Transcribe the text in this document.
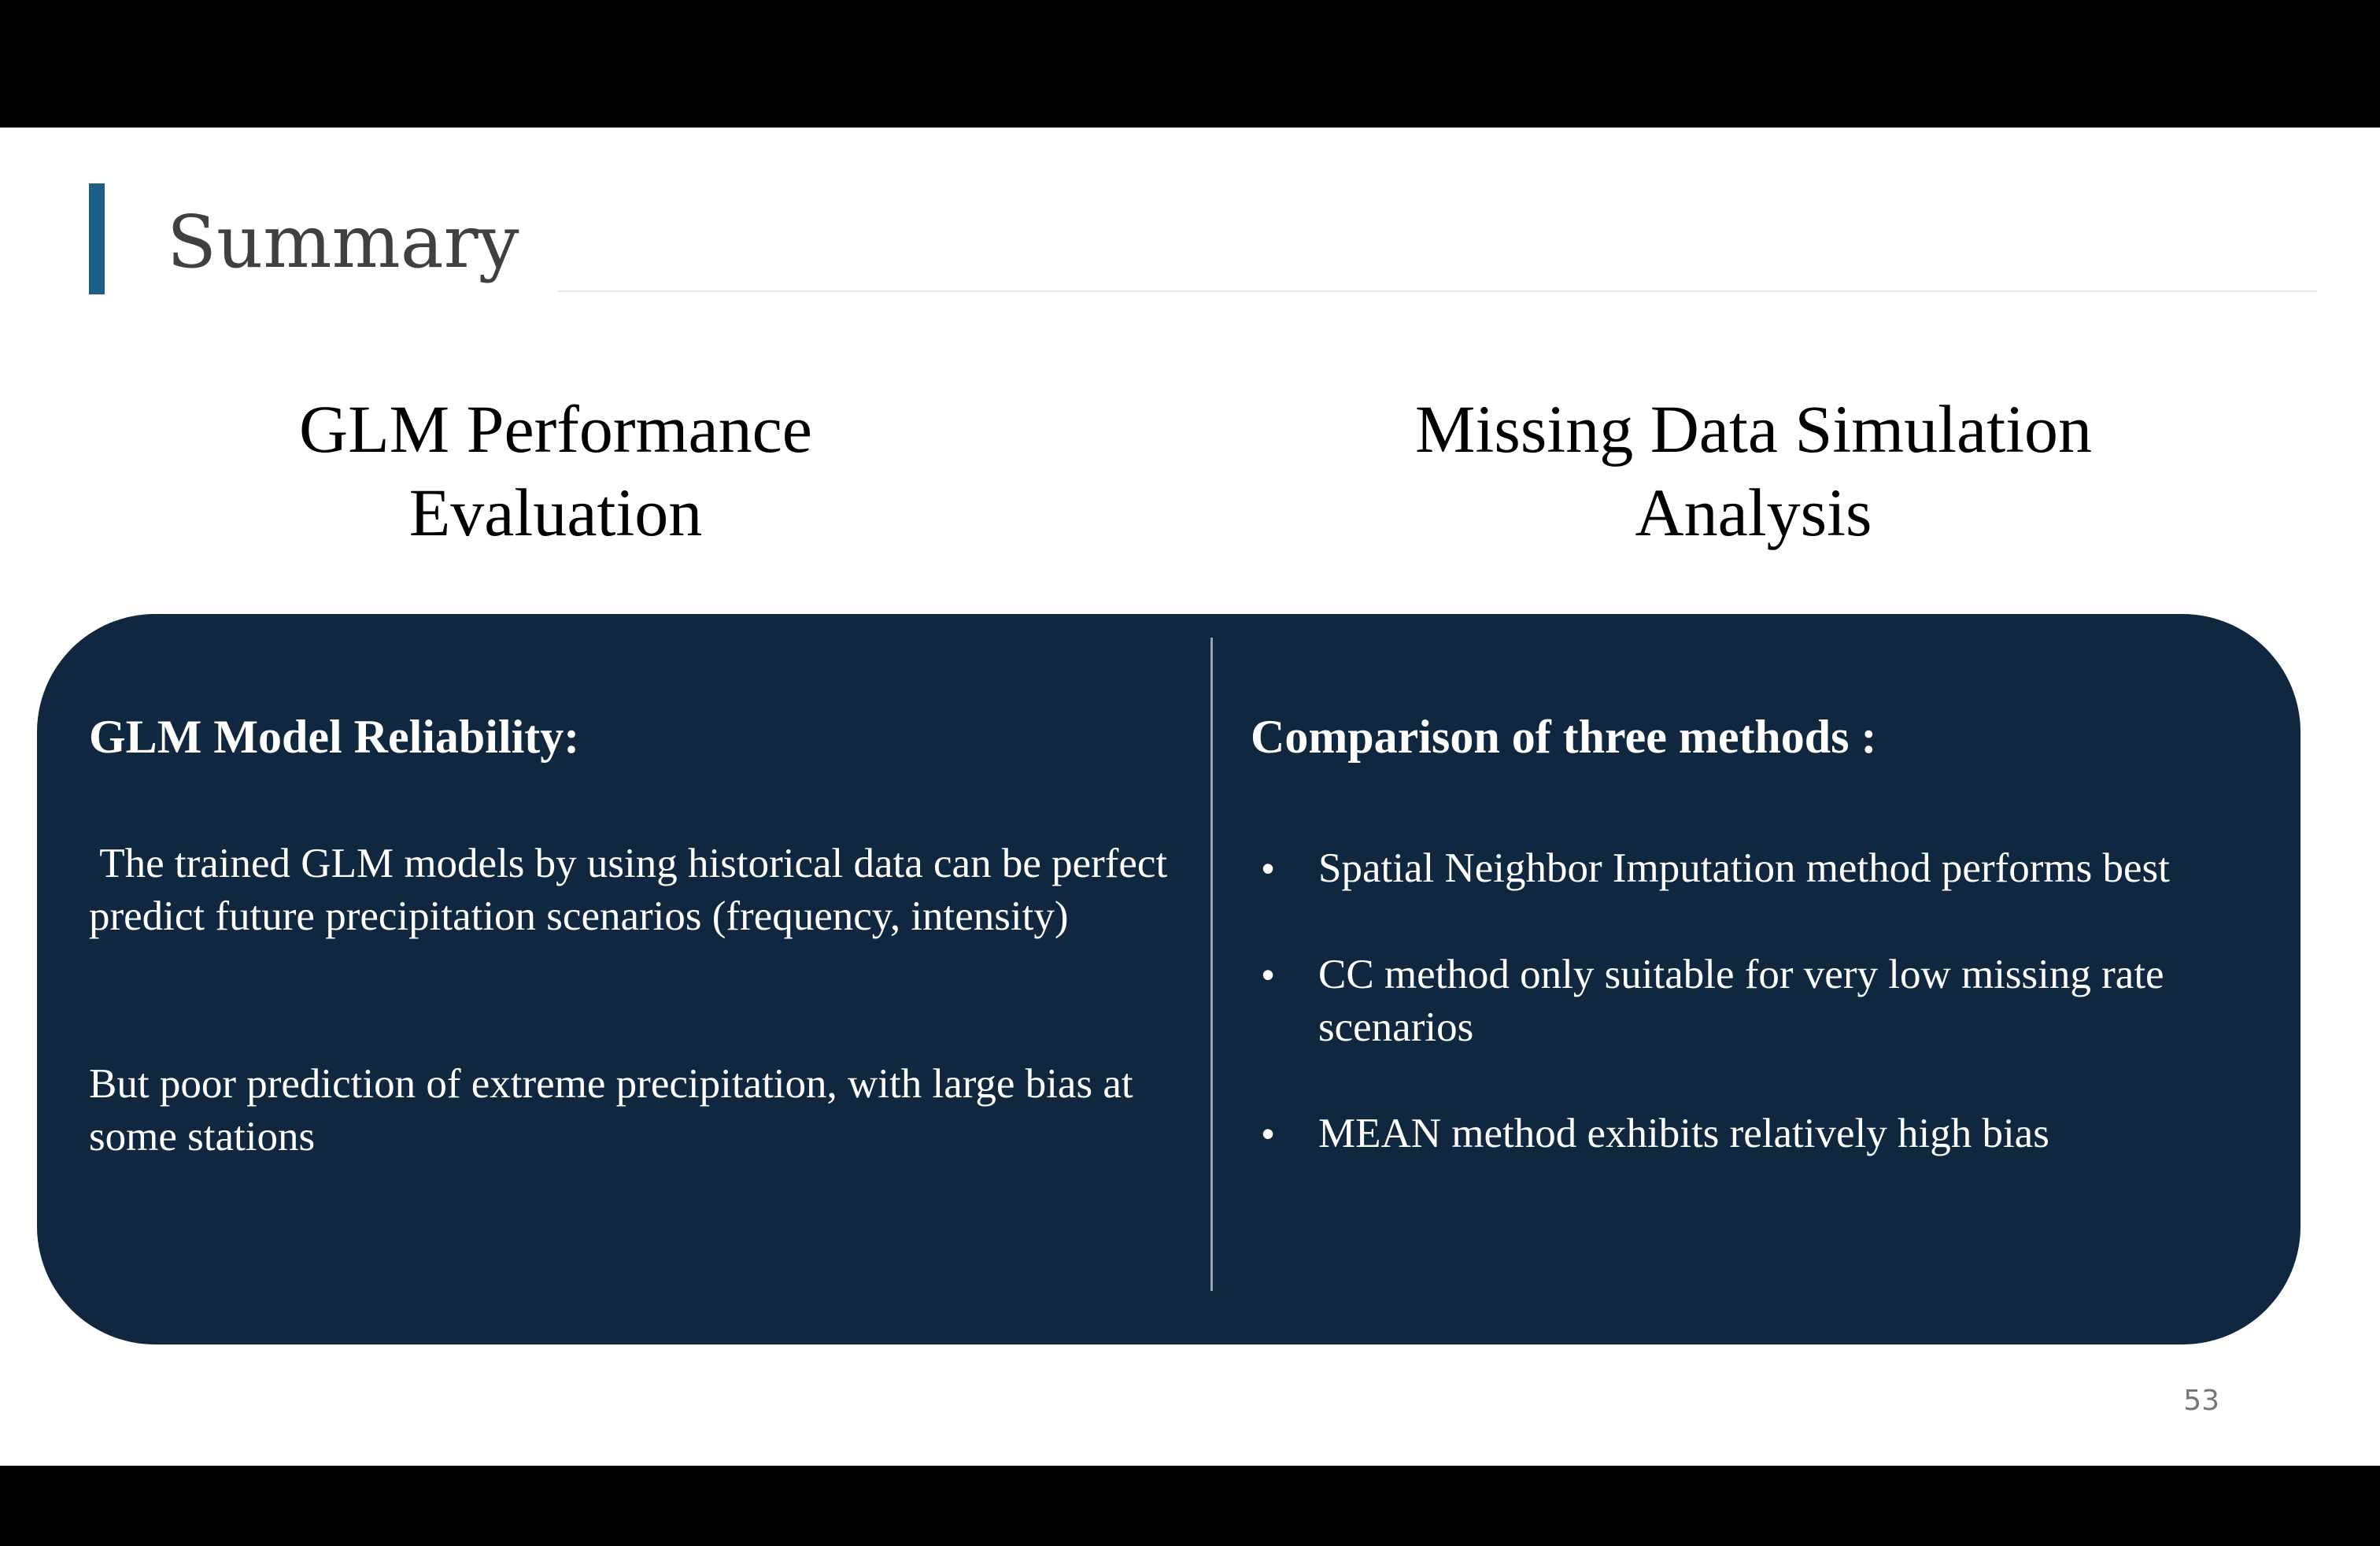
Summary
GLM Performance
Evaluation
Missing Data Simulation
Analysis
GLM Model Reliability:
The trained GLM models by using historical data can be perfect predict future precipitation scenarios (frequency, intensity)
But poor prediction of extreme precipitation, with large bias at some stations
Comparison of three methods :
• Spatial Neighbor Imputation method performs best
• CC method only suitable for very low missing rate scenarios
• MEAN method exhibits relatively high bias
53
